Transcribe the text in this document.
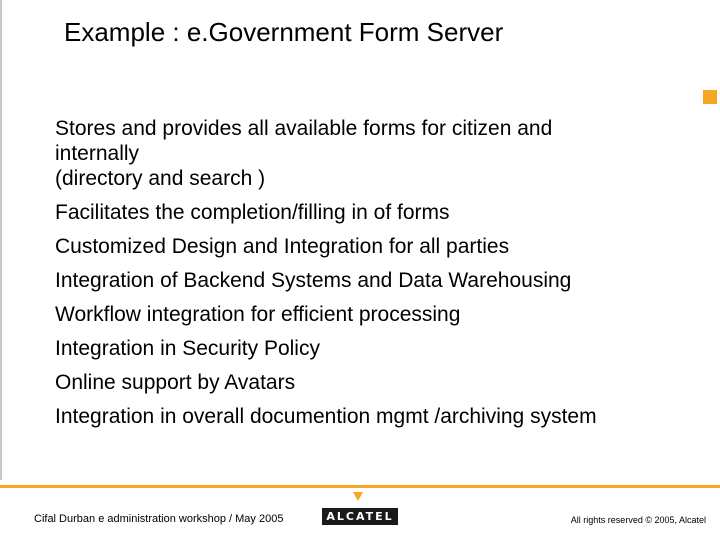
Example : e.Government Form Server
Stores and provides all available forms for citizen and
internally
(directory and search )
Facilitates the completion/filling in of forms
Customized Design and Integration for all parties
Integration of Backend Systems and Data Warehousing
Workflow integration for efficient processing
Integration in Security Policy
Online support by Avatars
Integration in overall documention mgmt /archiving system
Cifal Durban e administration workshop / May 2005	ALCATEL	All rights reserved © 2005, Alcatel
